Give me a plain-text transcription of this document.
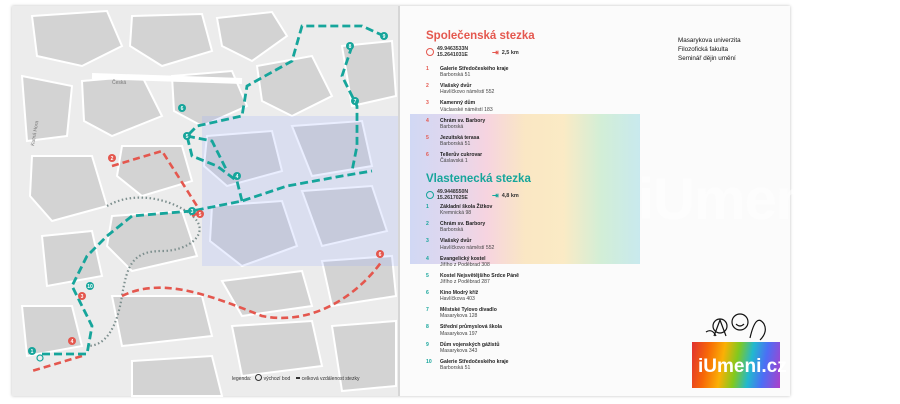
2
5
6
3
4
1
9
8
7
6
5
4
3
10
Česká
Kutná Hora
legenda: výchozí bod celková vzdálenost stezky
iUmeni.cz
Společenská stezka
49.9463533N
15.2641031E	⇥ 2,5 km
1 Galerie Středočeského kraje
Barborská 51
2 Vlašský dvůr
Havlíčkovo náměstí 552
3 Kamenný dům
Václavské náměstí 183
4 Chrám sv. Barbory
Barborská
5 Jezuitská terasa
Barborská 51
6 Tellerův cukrovar
Čáslavská 1
Vlastenecká stezka
49.9448550N
15.2617025E	⇥ 4,8 km
1 Základní škola Žižkov
Kremnická 98
2 Chrám sv. Barbory
Barborská
3 Vlašský dvůr
Havlíčkovo náměstí 552
4 Evangelický kostel
Jiřího z Poděbrad 308
5 Kostel Nejsvětějšího Srdce Páně
Jiřího z Poděbrad 287
6 Kino Modrý kříž
Havlíčkova 403
7 Městské Tylovo divadlo
Masarykova 128
8 Střední průmyslová škola
Masarykova 197
9 Dům vojenských gážistů
Masarykova 343
10 Galerie Středočeského kraje
Barborská 51
Masarykova univerzita
Filozofická fakulta
Seminář dějin umění
iUmeni.cz
